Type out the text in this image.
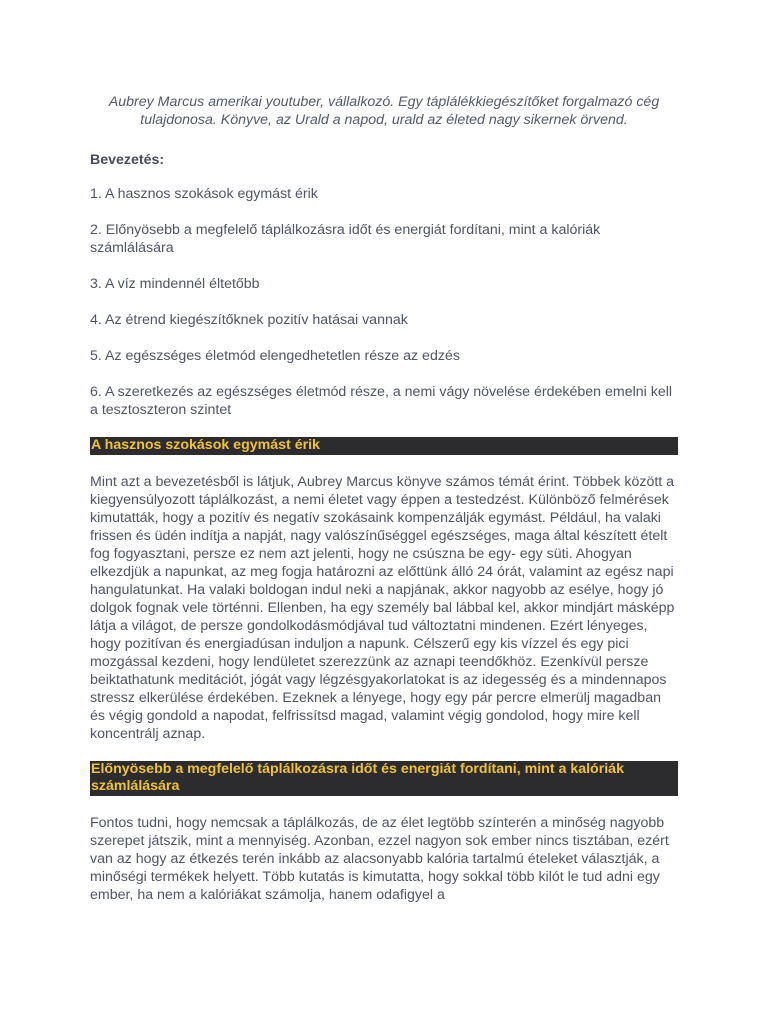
Aubrey Marcus amerikai youtuber, vállalkozó. Egy táplálékkiegészítőket forgalmazó cég tulajdonosa. Könyve, az Urald a napod, urald az életed nagy sikernek örvend.

Bevezetés:

1. A hasznos szokások egymást érik

2. Előnyösebb a megfelelő táplálkozásra időt és energiát fordítani, mint a kalóriák számlálására

3. A víz mindennél éltetőbb

4. Az étrend kiegészítőknek pozitív hatásai vannak

5. Az egészséges életmód elengedhetetlen része az edzés

6. A szeretkezés az egészséges életmód része, a nemi vágy növelése érdekében emelni kell a tesztoszteron szintet

A hasznos szokások egymást érik

Mint azt a bevezetésből is látjuk, Aubrey Marcus könyve számos témát érint. Többek között a kiegyensúlyozott táplálkozást, a nemi életet vagy éppen a testedzést. Különböző felmérések kimutatták, hogy a pozitív és negatív szokásaink kompenzálják egymást. Például, ha valaki frissen és üdén indítja a napját, nagy valószínűséggel egészséges, maga által készített ételt fog fogyasztani, persze ez nem azt jelenti, hogy ne csúszna be egy- egy süti. Ahogyan elkezdjük a napunkat, az meg fogja határozni az előttünk álló 24 órát, valamint az egész napi hangulatunkat. Ha valaki boldogan indul neki a napjának, akkor nagyobb az esélye, hogy jó dolgok fognak vele történni. Ellenben, ha egy személy bal lábbal kel, akkor mindjárt másképp látja a világot, de persze gondolkodásmódjával tud változtatni mindenen. Ezért lényeges, hogy pozitívan és energiadúsan induljon a napunk. Célszerű egy kis vízzel és egy pici mozgással kezdeni, hogy lendületet szerezzünk az aznapi teendőkhöz. Ezenkívül persze beiktathatunk meditációt, jógát vagy légzésgyakorlatokat is az idegesség és a mindennapos stressz elkerülése érdekében. Ezeknek a lényege, hogy egy pár percre elmerülj magadban és végig gondold a napodat, felfrissítsd magad, valamint végig gondolod, hogy mire kell koncentrálj aznap.

Előnyösebb a megfelelő táplálkozásra időt és energiát fordítani, mint a kalóriák számlálására

Fontos tudni, hogy nemcsak a táplálkozás, de az élet legtöbb színterén a minőség nagyobb szerepet játszik, mint a mennyiség. Azonban, ezzel nagyon sok ember nincs tisztában, ezért van az hogy az étkezés terén inkább az alacsonyabb kalória tartalmú ételeket választják, a minőségi termékek helyett. Több kutatás is kimutatta, hogy sokkal több kilót le tud adni egy ember, ha nem a kalóriákat számolja, hanem odafigyel a
